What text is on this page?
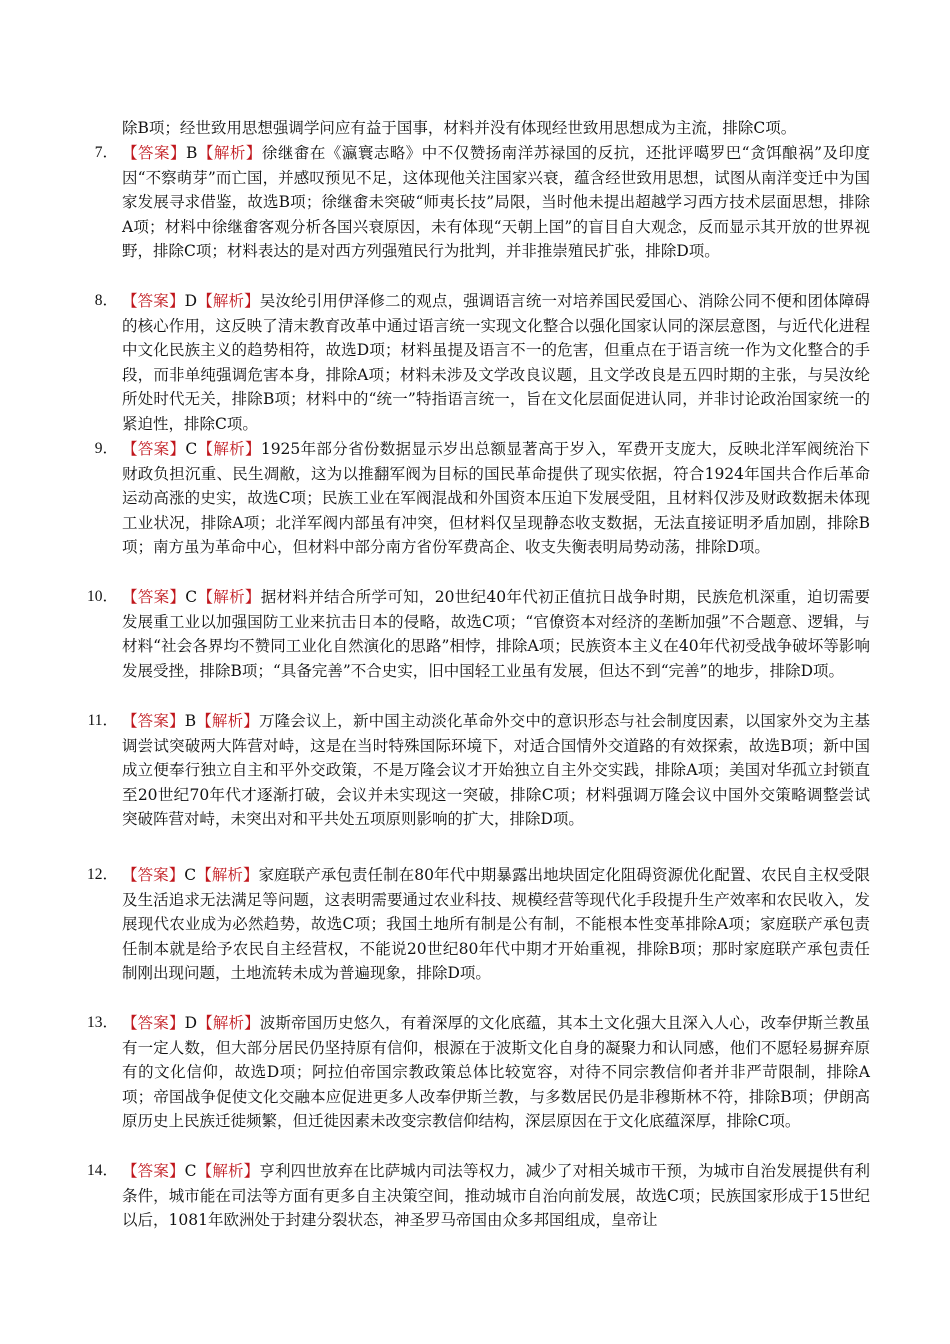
除B项；经世致用思想强调学问应有益于国事，材料并没有体现经世致用思想成为主流，排除C项。
7． 【答案】B【解析】徐继畬在《瀛寰志略》中不仅赞扬南洋苏禄国的反抗，还批评噶罗巴“贪饵酿祸”及印度因“不察萌芽”而亡国，并感叹预见不足，这体现他关注国家兴衰，蕴含经世致用思想，试图从南洋变迁中为国家发展寻求借鉴，故选B项；徐继畬未突破“师夷长技”局限，当时他未提出超越学习西方技术层面思想，排除A项；材料中徐继畬客观分析各国兴衰原因，未有体现“天朝上国”的盲目自大观念，反而显示其开放的世界视野，排除C项；材料表达的是对西方列强殖民行为批判，并非推崇殖民扩张，排除D项。
8． 【答案】D【解析】吴汝纶引用伊泽修二的观点，强调语言统一对培养国民爱国心、消除公同不便和团体障碍的核心作用，这反映了清末教育改革中通过语言统一实现文化整合以强化国家认同的深层意图，与近代化进程中文化民族主义的趋势相符，故选D项；材料虽提及语言不一的危害，但重点在于语言统一作为文化整合的手段，而非单纯强调危害本身，排除A项；材料未涉及文学改良议题，且文学改良是五四时期的主张，与吴汝纶所处时代无关，排除B项；材料中的“统一”特指语言统一，旨在文化层面促进认同，并非讨论政治国家统一的紧迫性，排除C项。
9． 【答案】C【解析】1925年部分省份数据显示岁出总额显著高于岁入，军费开支庞大，反映北洋军阀统治下财政负担沉重、民生凋敝，这为以推翻军阀为目标的国民革命提供了现实依据，符合1924年国共合作后革命运动高涨的史实，故选C项；民族工业在军阀混战和外国资本压迫下发展受阻，且材料仅涉及财政数据未体现工业状况，排除A项；北洋军阀内部虽有冲突，但材料仅呈现静态收支数据，无法直接证明矛盾加剧，排除B项；南方虽为革命中心，但材料中部分南方省份军费高企、收支失衡表明局势动荡，排除D项。
10． 【答案】C【解析】据材料并结合所学可知，20世纪40年代初正值抗日战争时期，民族危机深重，迫切需要发展重工业以加强国防工业来抗击日本的侵略，故选C项；“官僚资本对经济的垄断加强”不合题意、逻辑，与材料“社会各界均不赞同工业化自然演化的思路”相悖，排除A项；民族资本主义在40年代初受战争破坏等影响发展受挫，排除B项；“具备完善”不合史实，旧中国轻工业虽有发展，但达不到“完善”的地步，排除D项。
11． 【答案】B【解析】万隆会议上，新中国主动淡化革命外交中的意识形态与社会制度因素，以国家外交为主基调尝试突破两大阵营对峙，这是在当时特殊国际环境下，对适合国情外交道路的有效探索，故选B项；新中国成立便奉行独立自主和平外交政策，不是万隆会议才开始独立自主外交实践，排除A项；美国对华孤立封锁直至20世纪70年代才逐渐打破，会议并未实现这一突破，排除C项；材料强调万隆会议中国外交策略调整尝试突破阵营对峙，未突出对和平共处五项原则影响的扩大，排除D项。
12． 【答案】C【解析】家庭联产承包责任制在80年代中期暴露出地块固定化阻碍资源优化配置、农民自主权受限及生活追求无法满足等问题，这表明需要通过农业科技、规模经营等现代化手段提升生产效率和农民收入，发展现代农业成为必然趋势，故选C项；我国土地所有制是公有制，不能根本性变革排除A项；家庭联产承包责任制本就是给予农民自主经营权，不能说20世纪80年代中期才开始重视，排除B项；那时家庭联产承包责任制刚出现问题，土地流转未成为普遍现象，排除D项。
13． 【答案】D【解析】波斯帝国历史悠久，有着深厚的文化底蕴，其本土文化强大且深入人心，改奉伊斯兰教虽有一定人数，但大部分居民仍坚持原有信仰，根源在于波斯文化自身的凝聚力和认同感，他们不愿轻易摒弃原有的文化信仰，故选D项；阿拉伯帝国宗教政策总体比较宽容，对待不同宗教信仰者并非严苛限制，排除A项；帝国战争促使文化交融本应促进更多人改奉伊斯兰教，与多数居民仍是非穆斯林不符，排除B项；伊朗高原历史上民族迁徙频繁，但迁徙因素未改变宗教信仰结构，深层原因在于文化底蕴深厚，排除C项。
14． 【答案】C【解析】亨利四世放弃在比萨城内司法等权力，减少了对相关城市干预，为城市自治发展提供有利条件，城市能在司法等方面有更多自主决策空间，推动城市自治向前发展，故选C项；民族国家形成于15世纪以后，1081年欧洲处于封建分裂状态，神圣罗马帝国由众多邦国组成，皇帝让
